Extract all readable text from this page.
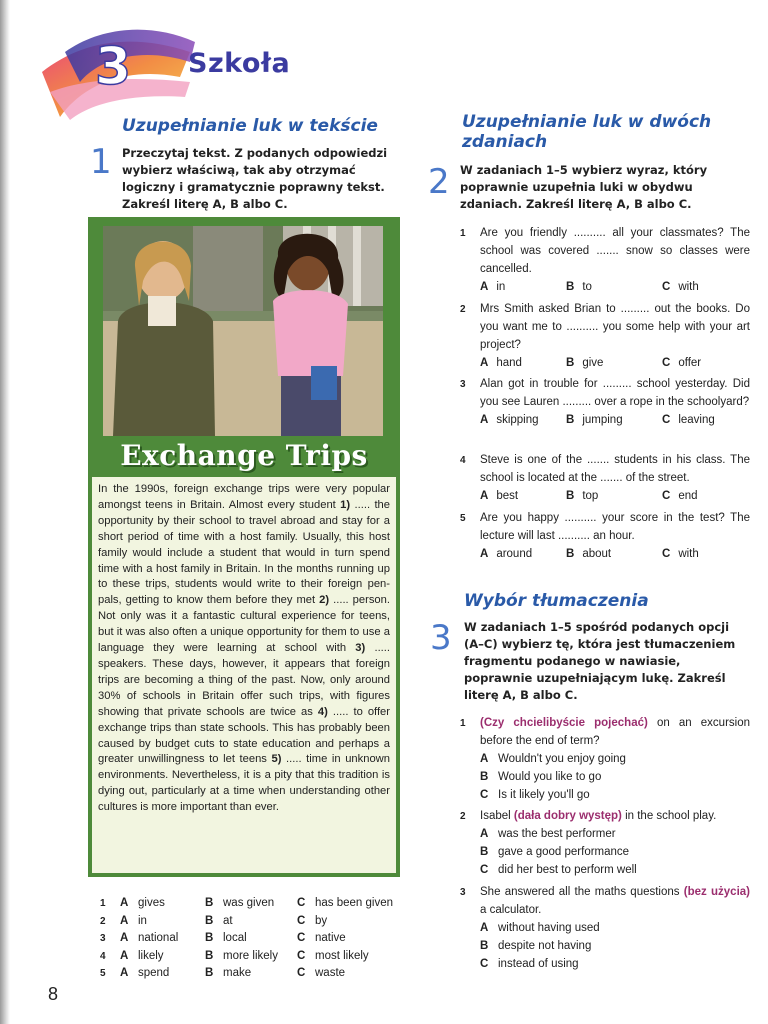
3 Szkoła
Uzupełnianie luk w tekście
1 Przeczytaj tekst. Z podanych odpowiedzi wybierz właściwą, tak aby otrzymać logiczny i gramatycznie poprawny tekst. Zakreśl literę A, B albo C.
Exchange Trips
In the 1990s, foreign exchange trips were very popular amongst teens in Britain. Almost every student 1) ..... the opportunity by their school to travel abroad and stay for a short period of time with a host family. Usually, this host family would include a student that would in turn spend time with a host family in Britain. In the months running up to these trips, students would write to their foreign pen-pals, getting to know them before they met 2) ..... person. Not only was it a fantastic cultural experience for teens, but it was also often a unique opportunity for them to use a language they were learning at school with 3) ..... speakers. These days, however, it appears that foreign trips are becoming a thing of the past. Now, only around 30% of schools in Britain offer such trips, with figures showing that private schools are twice as 4) ..... to offer exchange trips than state schools. This has probably been caused by budget cuts to state education and perhaps a greater unwillingness to let teens 5) ..... time in unknown environments. Nevertheless, it is a pity that this tradition is dying out, particularly at a time when understanding other cultures is more important than ever.
1 A gives	B was given C has been given
2 A in	B at	C by
3 A national B local	C native
4 A likely	B more likely C most likely
5 A spend	B make	C waste
8
Uzupełnianie luk w dwóch zdaniach
2 W zadaniach 1–5 wybierz wyraz, który poprawnie uzupełnia luki w obydwu zdaniach. Zakreśl literę A, B albo C.
1 Are you friendly .......... all your classmates? The school was covered ....... snow so classes were cancelled.
A in	B to	C with
2 Mrs Smith asked Brian to ......... out the books. Do you want me to .......... you some help with your art project?
A hand	B give	C offer
3 Alan got in trouble for ......... school yesterday. Did you see Lauren ......... over a rope in the schoolyard?
A skipping B jumping	C leaving
4 Steve is one of the ....... students in his class. The school is located at the ....... of the street.
A best	B top	C end
5 Are you happy .......... your score in the test? The lecture will last .......... an hour.
A around	B about	C with
Wybór tłumaczenia
3 W zadaniach 1–5 spośród podanych opcji (A–C) wybierz tę, która jest tłumaczeniem fragmentu podanego w nawiasie, poprawnie uzupełniającym lukę. Zakreśl literę A, B albo C.
1 (Czy chcielibyście pojechać) on an excursion before the end of term?
A Wouldn't you enjoy going
B Would you like to go
C Is it likely you'll go
2 Isabel (dała dobry występ) in the school play.
A was the best performer
B gave a good performance
C did her best to perform well
3 She answered all the maths questions (bez użycia) a calculator.
A without having used
B despite not having
C instead of using
